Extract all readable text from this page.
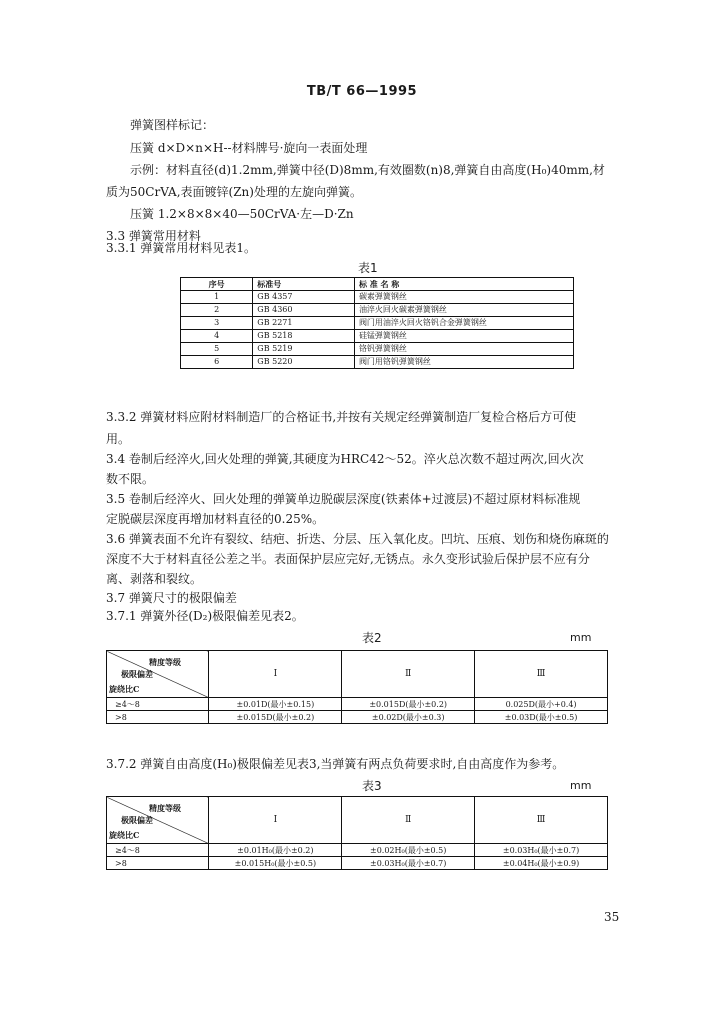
TB/T 66—1995
弹簧图样标记：
压簧 d×D×n×H--材料牌号·旋向一表面处理
示例：材料直径(d)1.2mm,弹簧中径(D)8mm,有效圈数(n)8,弹簧自由高度(H₀)40mm,材
质为50CrVA,表面镀锌(Zn)处理的左旋向弹簧。
压簧 1.2×8×8×40—50CrVA·左—D·Zn
3.3 弹簧常用材料
3.3.1 弹簧常用材料见表1。
表1
序号	标准号	标 准 名 称
1	GB 4357	碳素弹簧钢丝
2	GB 4360	油淬火回火碳素弹簧钢丝
3	GB 2271	阀门用油淬火回火铬钒合金弹簧钢丝
4	GB 5218	硅锰弹簧钢丝
5	GB 5219	铬钒弹簧钢丝
6	GB 5220	阀门用铬钒弹簧钢丝
3.3.2 弹簧材料应附材料制造厂的合格证书,并按有关规定经弹簧制造厂复检合格后方可使
用。
3.4 卷制后经淬火,回火处理的弹簧,其硬度为HRC42～52。淬火总次数不超过两次,回火次
数不限。
3.5 卷制后经淬火、回火处理的弹簧单边脱碳层深度(铁素体+过渡层)不超过原材料标准规
定脱碳层深度再增加材料直径的0.25%。
3.6 弹簧表面不允许有裂纹、结疤、折迭、分层、压入氧化皮。凹坑、压痕、划伤和烧伤麻斑的
深度不大于材料直径公差之半。表面保护层应完好,无锈点。永久变形试验后保护层不应有分
离、剥落和裂纹。
3.7 弹簧尺寸的极限偏差
3.7.1 弹簧外径(D₂)极限偏差见表2。
表2	mm
精度等级
极限偏差
旋绕比C	Ⅰ	Ⅱ	Ⅲ
≥4～8	±0.01D(最小±0.15)	±0.015D(最小±0.2)	0.025D(最小+0.4)
>8	±0.015D(最小±0.2)	±0.02D(最小±0.3)	±0.03D(最小±0.5)
3.7.2 弹簧自由高度(H₀)极限偏差见表3,当弹簧有两点负荷要求时,自由高度作为参考。
表3	mm
精度等级
极限偏差
旋绕比C	Ⅰ	Ⅱ	Ⅲ
≥4～8	±0.01H₀(最小±0.2)	±0.02H₀(最小±0.5)	±0.03H₀(最小±0.7)
>8	±0.015H₀(最小±0.5)	±0.03H₀(最小±0.7)	±0.04H₀(最小±0.9)
35
